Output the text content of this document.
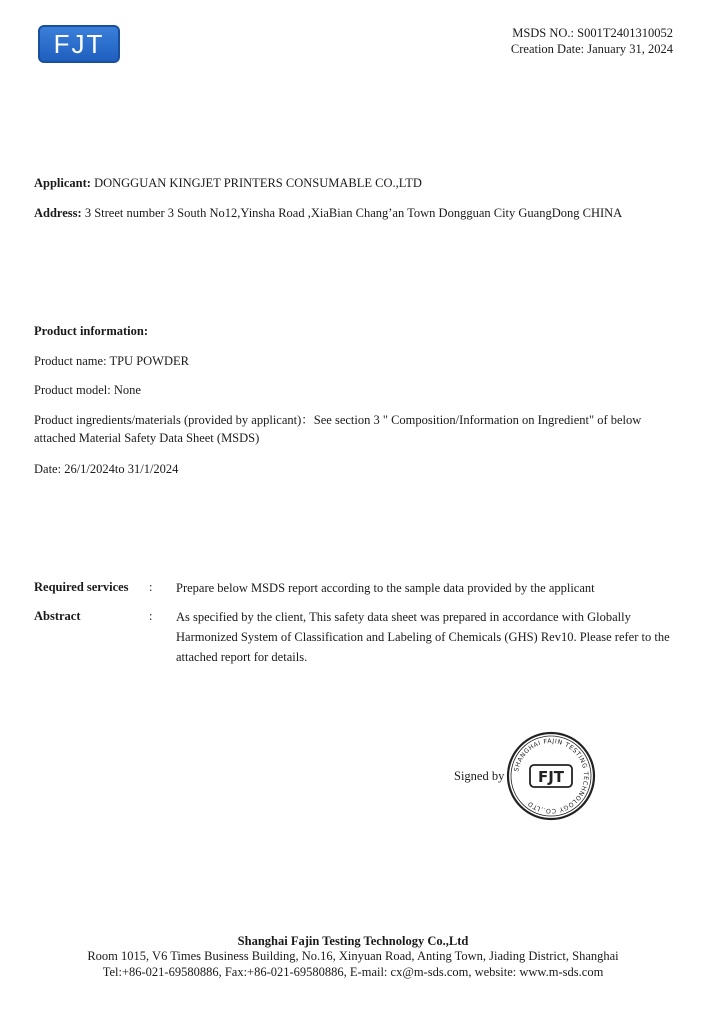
FJT	MSDS NO.: S001T2401310052
Creation Date: January 31, 2024
Applicant: DONGGUAN KINGJET PRINTERS CONSUMABLE CO.,LTD
Address: 3 Street number 3 South No12,Yinsha Road ,XiaBian Chang’an Town Dongguan City GuangDong CHINA
Product information:
Product name: TPU POWDER
Product model: None
Product ingredients/materials (provided by applicant)：See section 3 " Composition/Information on Ingredient" of below attached Material Safety Data Sheet (MSDS)
Date: 26/1/2024to 31/1/2024
Required services : Prepare below MSDS report according to the sample data provided by the applicant
Abstract	: As specified by the client, This safety data sheet was prepared in accordance with Globally Harmonized System of Classification and Labeling of Chemicals (GHS) Rev10. Please refer to the attached report for details.
Signed by SHANGHAI FAJIN TESTING TECHNOLOGY CO.,LTD
FJT
Shanghai Fajin Testing Technology Co.,Ltd
Room 1015, V6 Times Business Building, No.16, Xinyuan Road, Anting Town, Jiading District, Shanghai
Tel:+86-021-69580886, Fax:+86-021-69580886, E-mail: cx@m-sds.com, website: www.m-sds.com
